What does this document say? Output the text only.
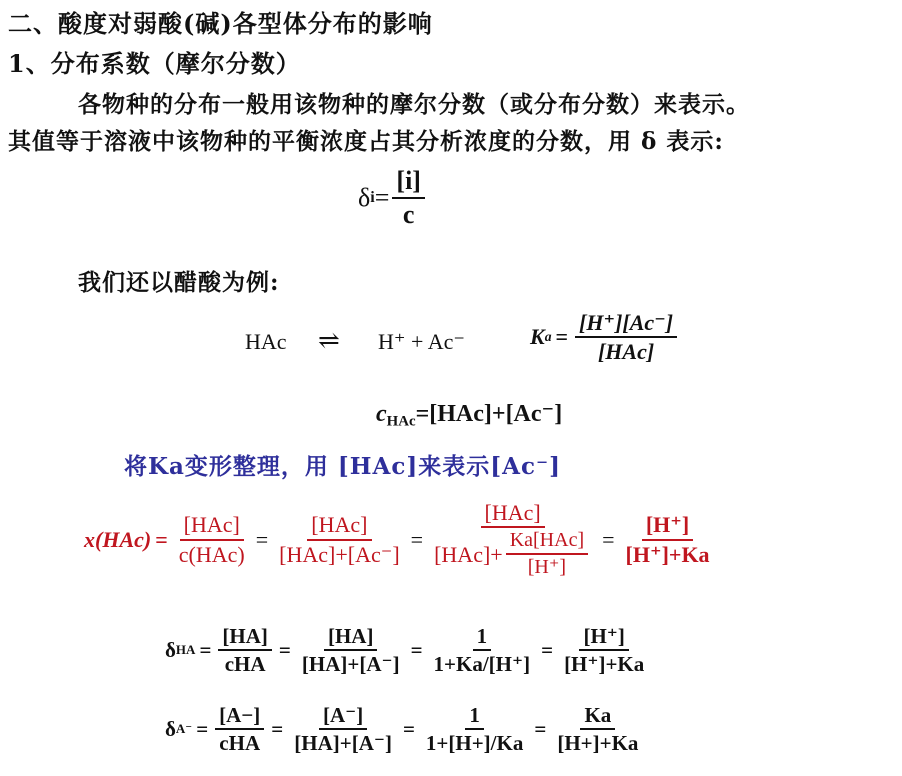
二、酸度对弱酸(碱)各型体分布的影响
1、分布系数（摩尔分数）
各物种的分布一般用该物种的摩尔分数（或分布分数）来表示。
其值等于溶液中该物种的平衡浓度占其分析浓度的分数，用 δ 表示:
δ $i = \frac{[i]}{c}$
我们还以醋酸为例:
HAc ⇌ H⁺ + Ac⁻	K $a = \frac{[H^+][Ac^-]}{\text{[HAc]}}$
$c_{HAc}=[HAc]+[Ac^-]$
将Ka变形整理，用 [HAc]来表示[Ac⁻]
$x(HAc) = \frac{\text{[HAc]}}{\text{c(HAc)}} = \frac{\text{[HAc]}}{\text{[HAc]+[Ac⁻]}} = \frac{\text{[HAc]}}{[HAc]+ \frac{\text{Ka[HAc]}}{[H^+]}} = \frac{[H^+]}{[H^+]+Ka}$
δ HA = $\frac{[HA]}{\text{cHA}} = \frac{[HA]}{[HA]+[A^-]} = \frac{1}{1+Ka/[H^+]} = \frac{[H^+]}{[H^+]+Ka}$
δ $A^- = \frac{[A-]}{\text{cHA}} = \frac{[A^-]}{[HA]+[A^-]} = \frac{1}{1+[H+]/Ka} = \frac{Ka}{[H+]+Ka}$
